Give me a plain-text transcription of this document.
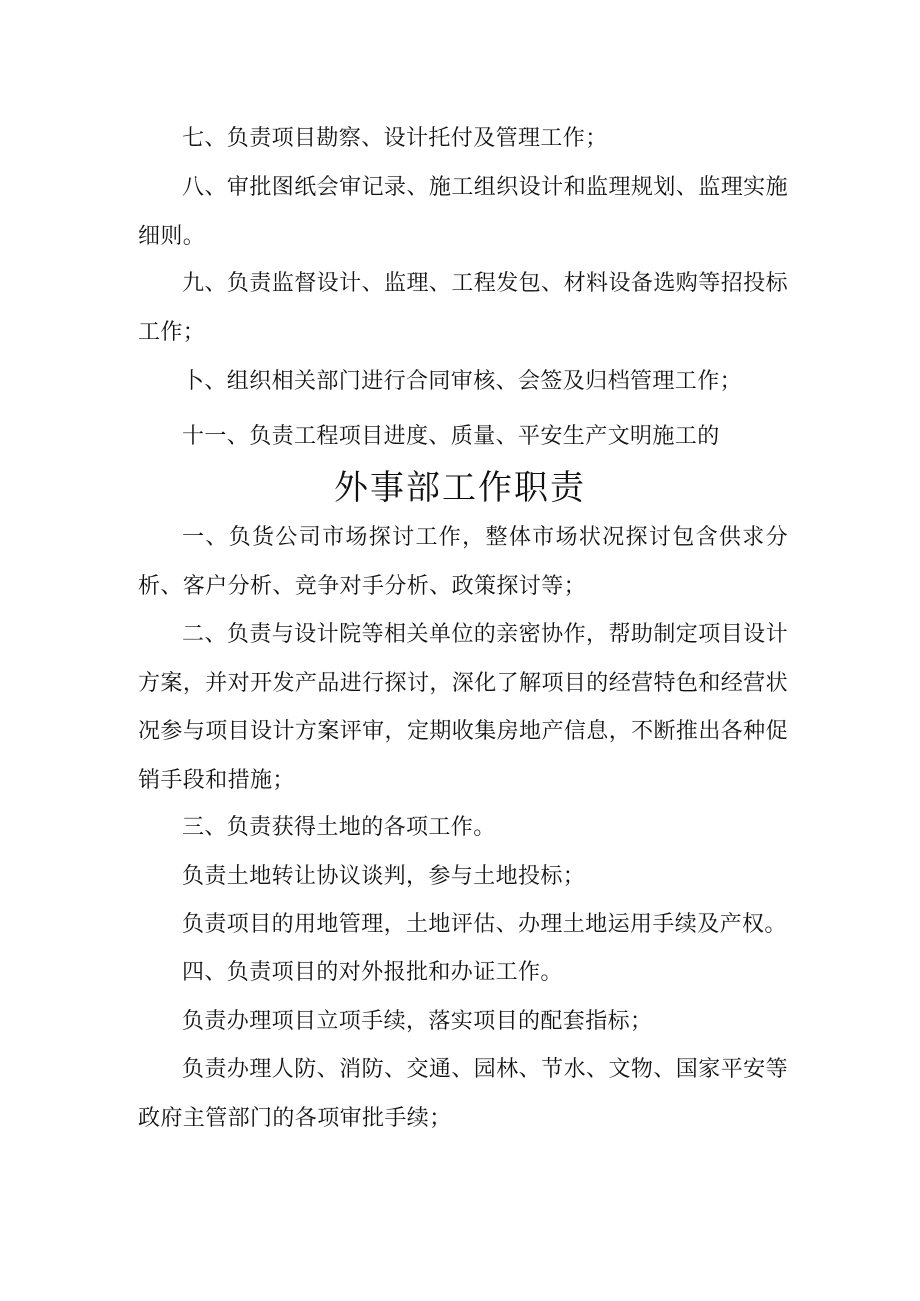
七、负责项目勘察、设计托付及管理工作；

八、审批图纸会审记录、施工组织设计和监理规划、监理实施细则。

九、负责监督设计、监理、工程发包、材料设备选购等招投标工作；

卜、组织相关部门进行合同审核、会签及归档管理工作；

十一、负责工程项目进度、质量、平安生产文明施工的

外事部工作职责

一、负货公司市场探讨工作，整体市场状况探讨包含供求分析、客户分析、竞争对手分析、政策探讨等；

二、负责与设计院等相关单位的亲密协作，帮助制定项目设计方案，并对开发产品进行探讨，深化了解项目的经营特色和经营状况参与项目设计方案评审，定期收集房地产信息，不断推出各种促销手段和措施；

三、负责获得土地的各项工作。

负责土地转让协议谈判，参与土地投标；

负责项目的用地管理，土地评估、办理土地运用手续及产权。

四、负责项目的对外报批和办证工作。

负责办理项目立项手续，落实项目的配套指标；

负责办理人防、消防、交通、园林、节水、文物、国家平安等政府主管部门的各项审批手续；
